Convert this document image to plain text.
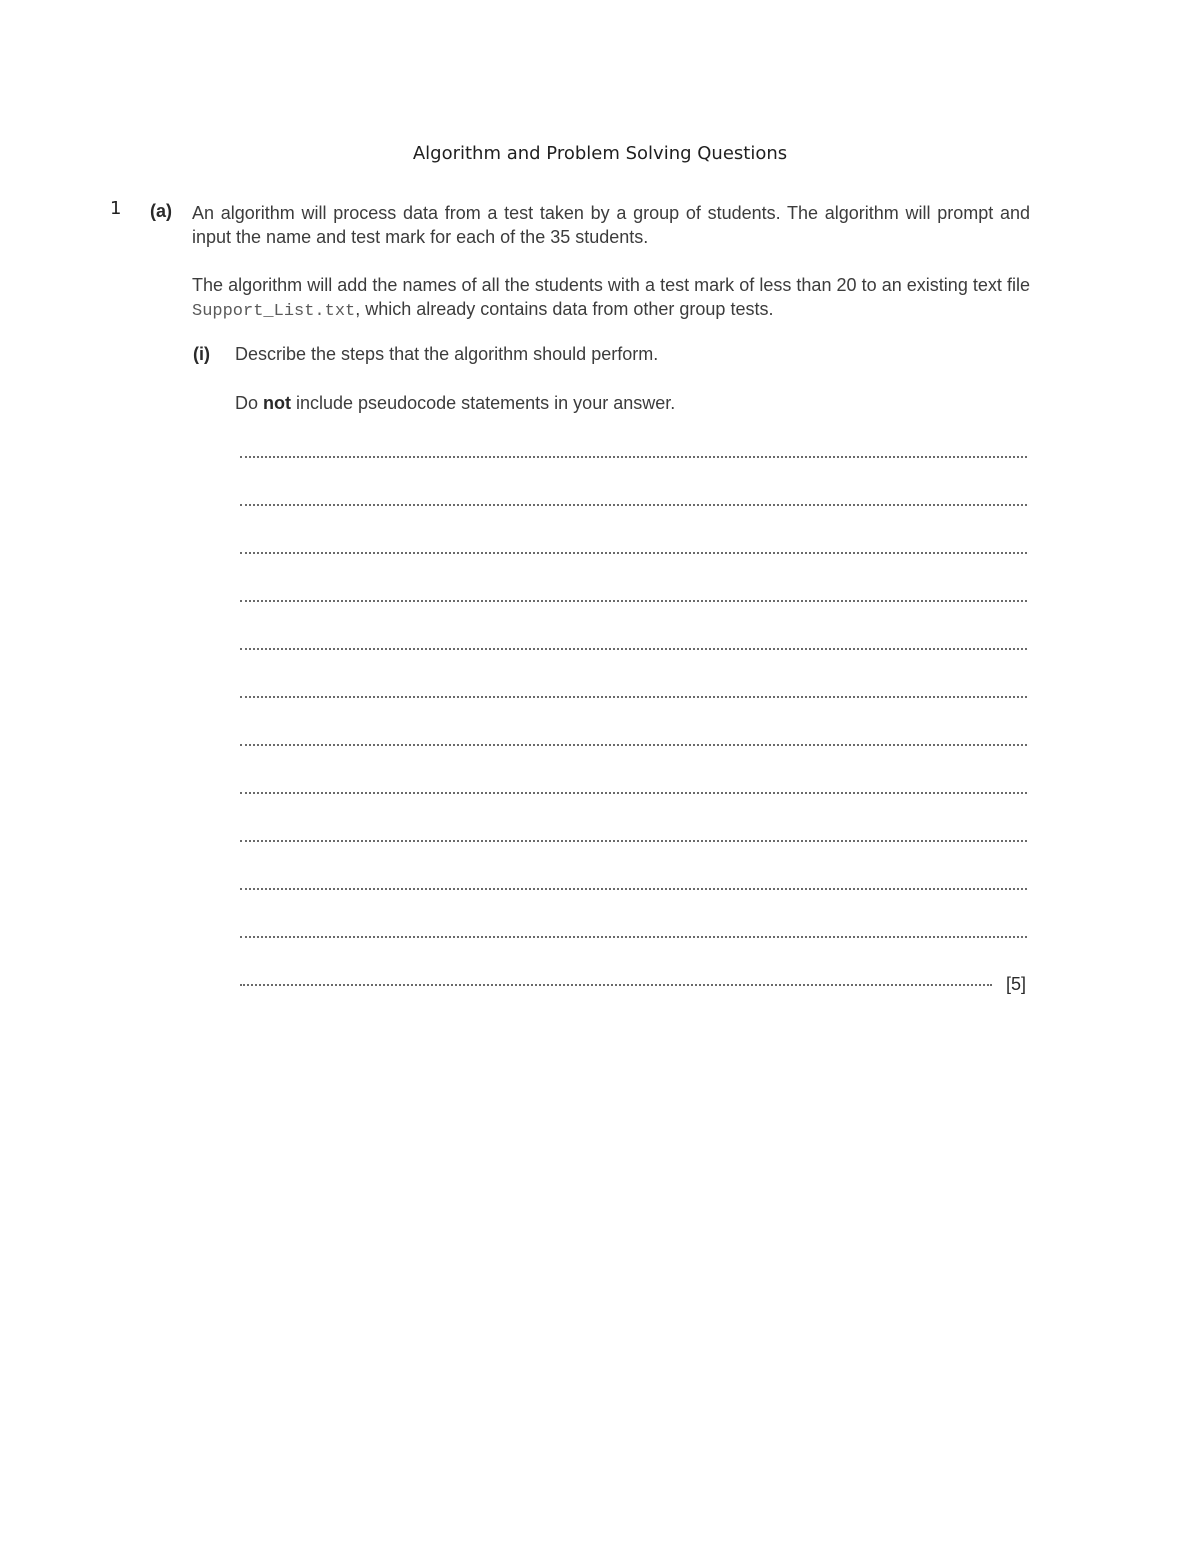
Algorithm and Problem Solving Questions
1 (a) An algorithm will process data from a test taken by a group of students. The algorithm will prompt and input the name and test mark for each of the 35 students.
The algorithm will add the names of all the students with a test mark of less than 20 to an existing text file Support_List.txt, which already contains data from other group tests.
(i) Describe the steps that the algorithm should perform.
Do not include pseudocode statements in your answer.
[5]
